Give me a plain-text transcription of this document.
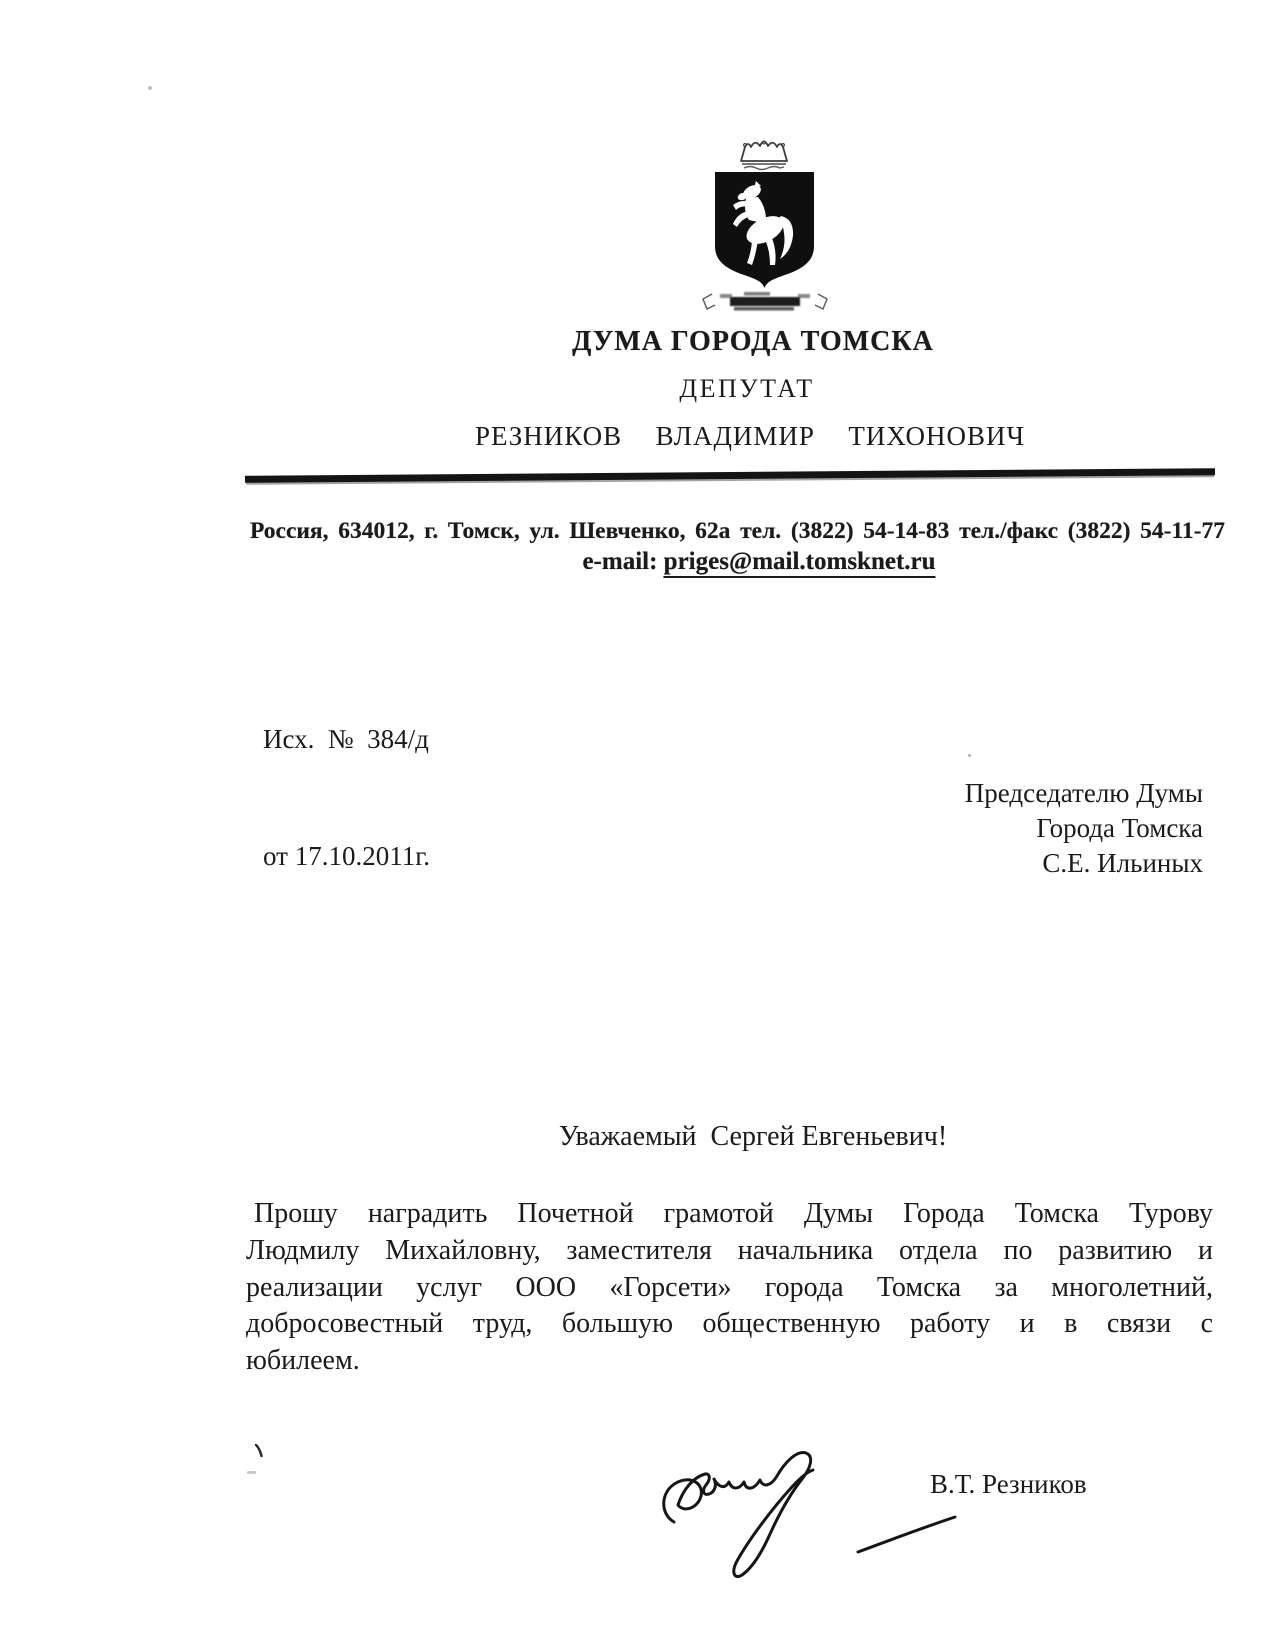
ДУМА ГОРОДА ТОМСКА
ДЕПУТАТ
РЕЗНИКОВ  ВЛАДИМИР  ТИХОНОВИЧ
Россия, 634012, г. Томск, ул. Шевченко, 62а тел. (3822) 54-14-83 тел./факс (3822) 54-11-77
e-mail: priges@mail.tomsknet.ru

Исх.  №  384/д

от 17.10.2011г.

Председателю Думы
Города Томска
С.Е. Ильиных
Уважаемый  Сергей Евгеньевич!
Прошу наградить Почетной грамотой Думы Города Томска Турову
Людмилу Михайловну, заместителя начальника отдела по развитию и
реализации услуг ООО «Горсети» города Томска за многолетний,
добросовестный труд, большую общественную работу и в связи с
юбилеем.
В.Т. Резников
